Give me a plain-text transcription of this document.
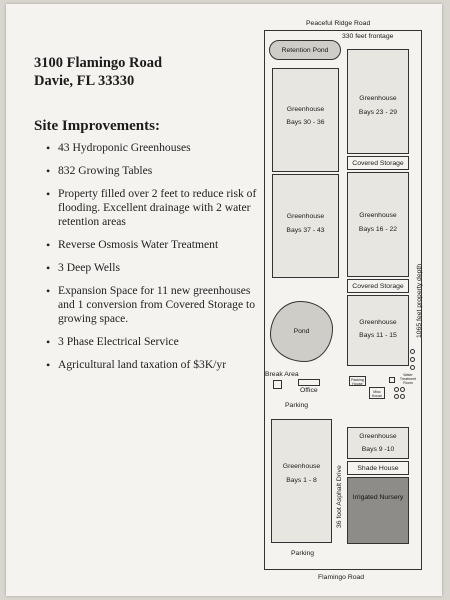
3100 Flamingo Road
Davie, FL 33330
Site Improvements:
• 43 Hydroponic Greenhouses
• 832 Growing Tables
• Property filled over 2 feet to reduce risk of flooding. Excellent drainage with 2 water retention areas
• Reverse Osmosis Water Treatment
• 3 Deep Wells
• Expansion Space for 11 new greenhouses and 1 conversion from Covered Storage to growing space.
• 3 Phase Electrical Service
• Agricultural land taxation of $3K/yr
Peaceful Ridge Road
330 feet frontage
Flamingo Road
1065 feet property depth
Retention Pond
Greenhouse
Bays 30 - 36
Greenhouse
Bays 37 - 43
Pond
Break Area
Office
Parking
Greenhouse
Bays 1 - 8
Parking
36 foot Asphalt Drive
Greenhouse
Bays 23 - 29
Covered Storage
Greenhouse
Bays 16 - 22
Covered Storage
Greenhouse
Bays 11 - 15
Packing House
Misc House
Water Treatment Room
Greenhouse
Bays 9 -10
Shade House
Irrigated Nursery
